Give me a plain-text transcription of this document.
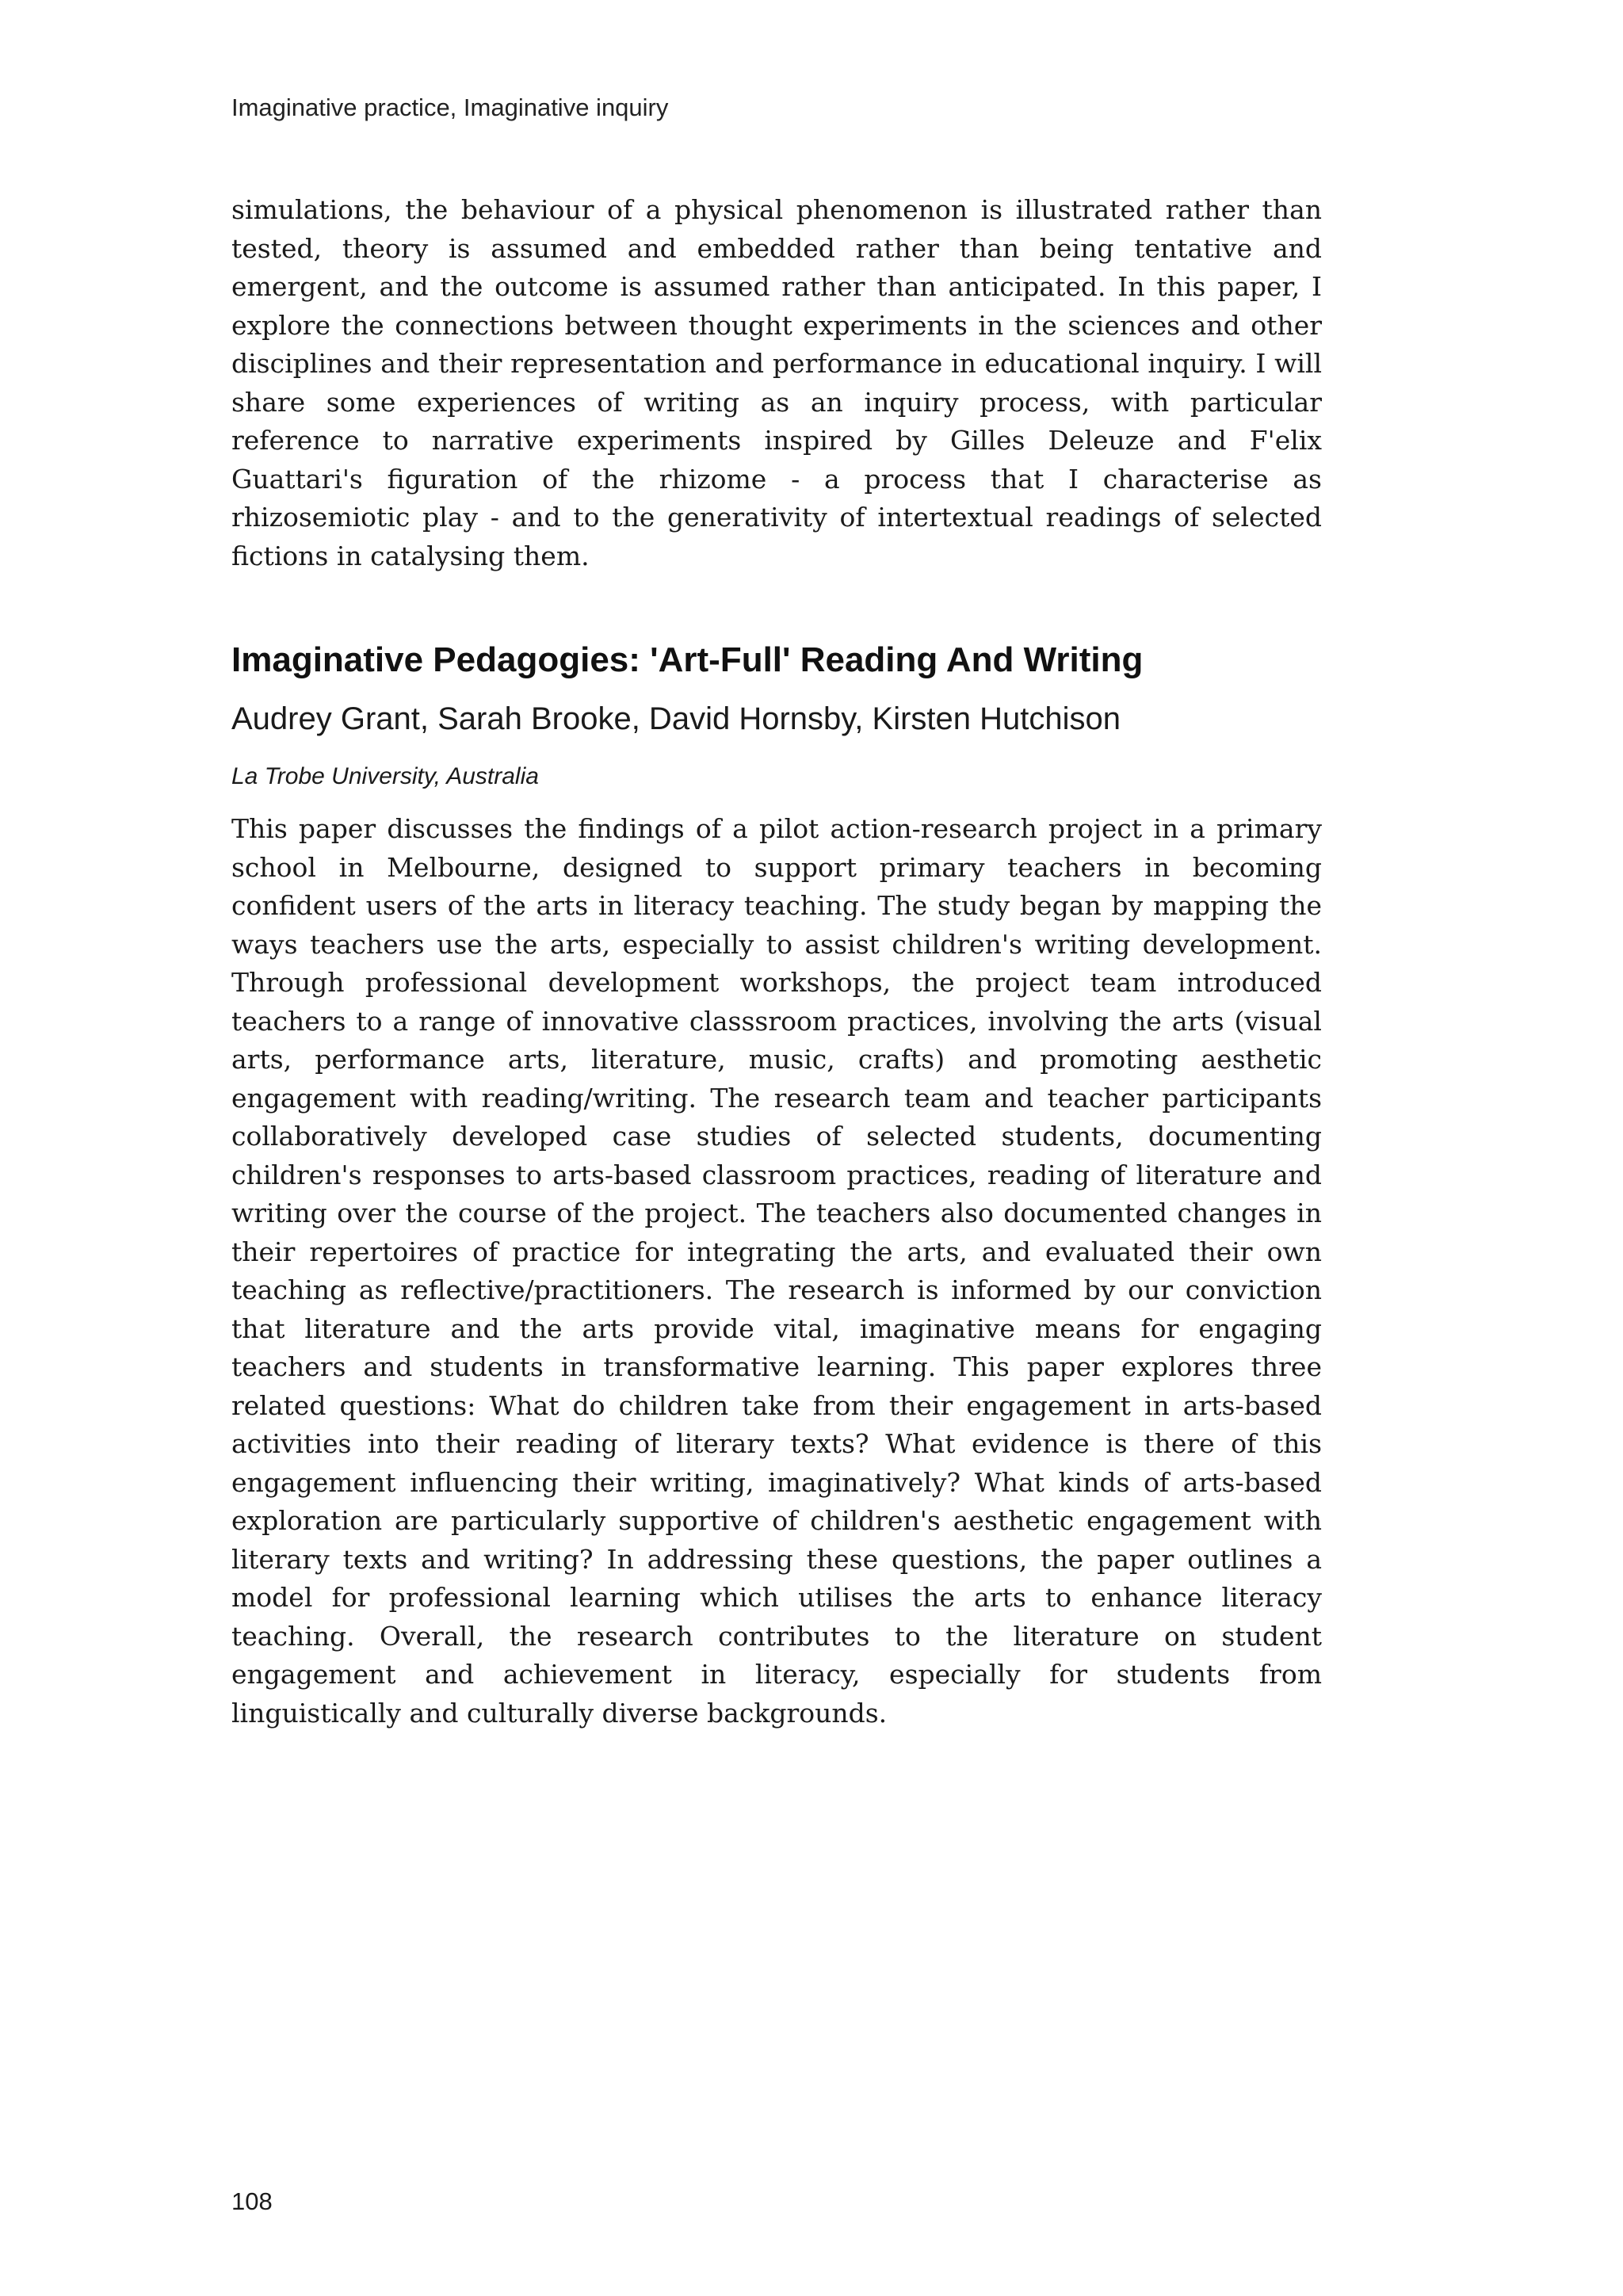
Imaginative practice, Imaginative inquiry

simulations, the behaviour of a physical phenomenon is illustrated rather than tested, theory is assumed and embedded rather than being tentative and emergent, and the outcome is assumed rather than anticipated. In this paper, I explore the connections between thought experiments in the sciences and other disciplines and their representation and performance in educational inquiry. I will share some experiences of writing as an inquiry process, with particular reference to narrative experiments inspired by Gilles Deleuze and F'elix Guattari's figuration of the rhizome - a process that I characterise as rhizosemiotic play - and to the generativity of intertextual readings of selected fictions in catalysing them.

Imaginative Pedagogies: 'Art-Full' Reading And Writing
Audrey Grant, Sarah Brooke, David Hornsby, Kirsten Hutchison
La Trobe University, Australia

This paper discusses the findings of a pilot action-research project in a primary school in Melbourne, designed to support primary teachers in becoming confident users of the arts in literacy teaching. The study began by mapping the ways teachers use the arts, especially to assist children's writing development. Through professional development workshops, the project team introduced teachers to a range of innovative classsroom practices, involving the arts (visual arts, performance arts, literature, music, crafts) and promoting aesthetic engagement with reading/writing. The research team and teacher participants collaboratively developed case studies of selected students, documenting children's responses to arts-based classroom practices, reading of literature and writing over the course of the project. The teachers also documented changes in their repertoires of practice for integrating the arts, and evaluated their own teaching as reflective/practitioners. The research is informed by our conviction that literature and the arts provide vital, imaginative means for engaging teachers and students in transformative learning. This paper explores three related questions: What do children take from their engagement in arts-based activities into their reading of literary texts? What evidence is there of this engagement influencing their writing, imaginatively? What kinds of arts-based exploration are particularly supportive of children's aesthetic engagement with literary texts and writing? In addressing these questions, the paper outlines a model for professional learning which utilises the arts to enhance literacy teaching. Overall, the research contributes to the literature on student engagement and achievement in literacy, especially for students from linguistically and culturally diverse backgrounds.

108
